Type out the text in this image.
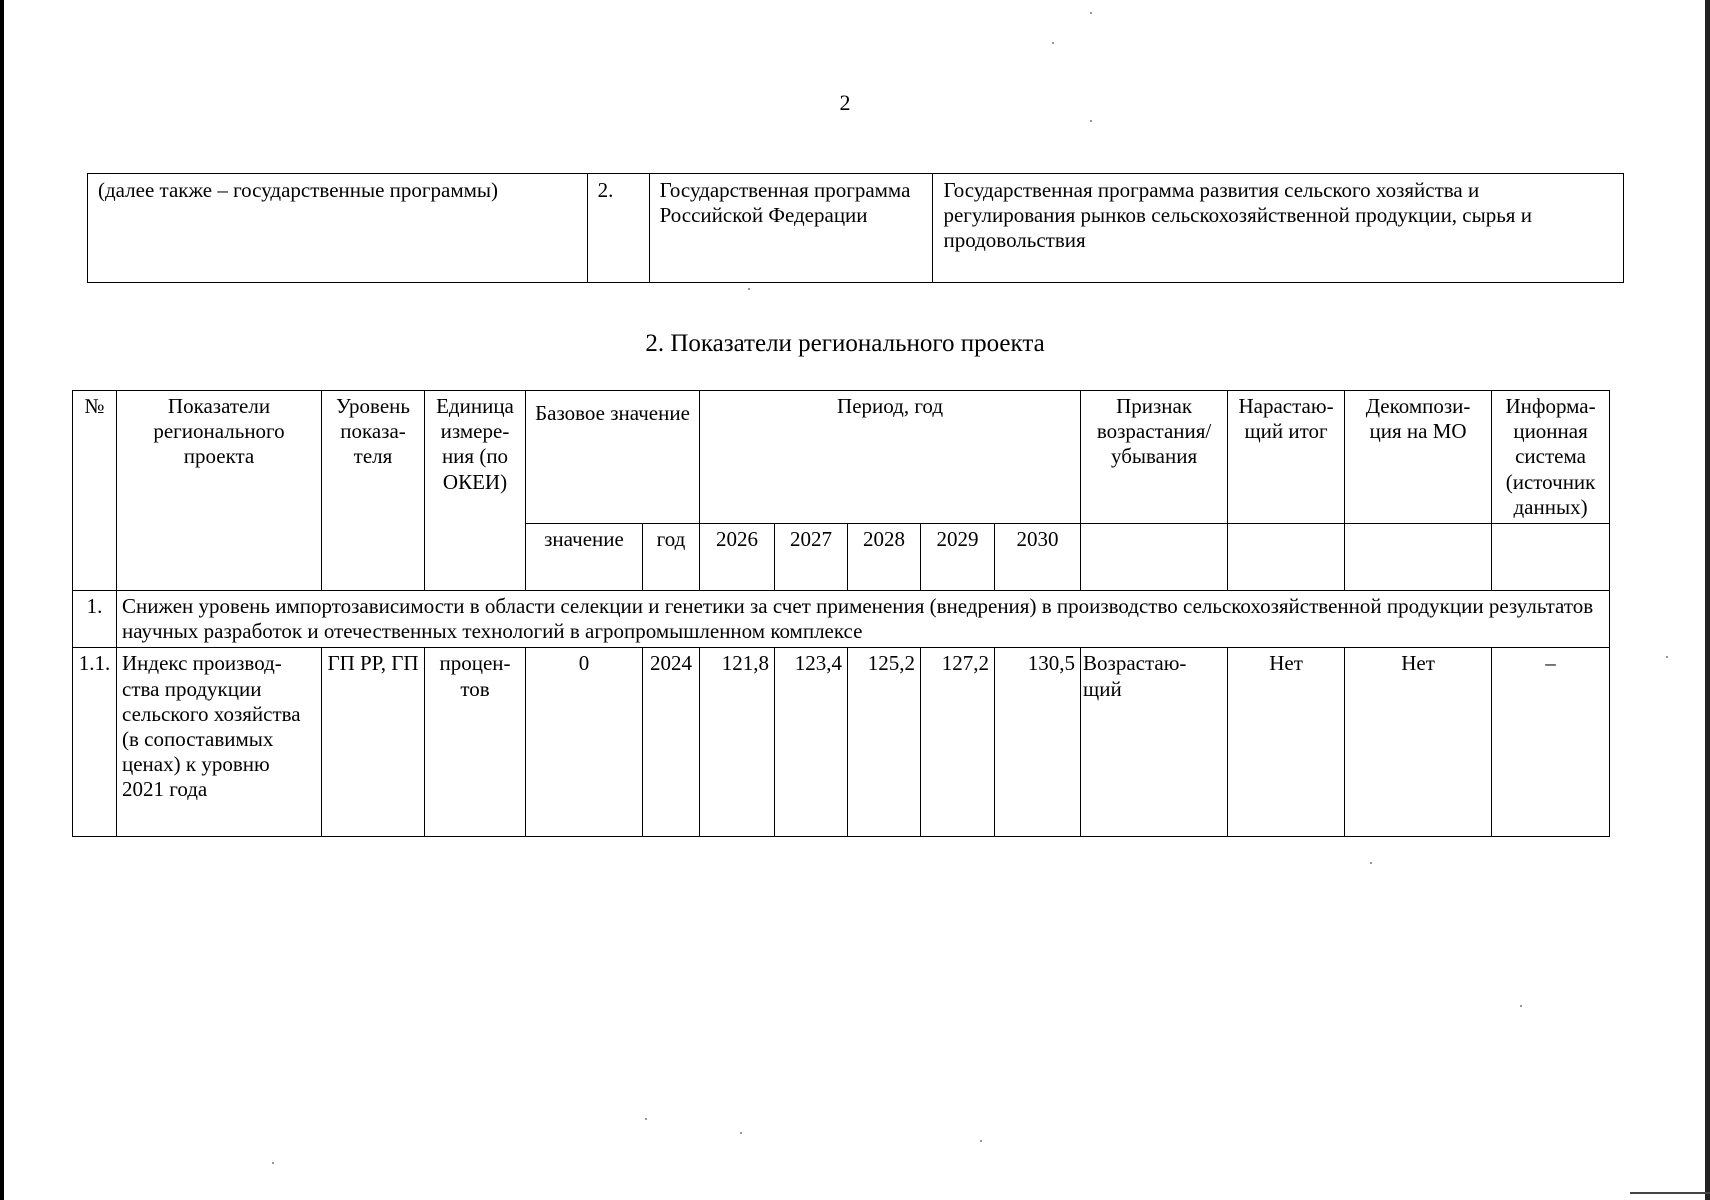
2
(далее также – государственные программы)	2.	Государственная программа Российской Федерации	Государственная программа развития сельского хозяйства и регулирования рынков сельскохозяйственной продукции, сырья и продовольствия
2. Показатели регионального проекта
№	Показатели регионального проекта	Уровень показа-теля	Единица измере-ния (по ОКЕИ)	Базовое значение		Период, год					Признак возрастания/ убывания	Нарастаю-щий итог	Декомпози-ция на МО	Информа-ционная система (источник данных)
				значение	год	2026	2027	2028	2029	2030				
1.	Снижен уровень импортозависимости в области селекции и генетики за счет применения (внедрения) в производство сельскохозяйственной продукции результатов научных разработок и отечественных технологий в агропромышленном комплексе													
1.1.	Индекс производ-ства продукции сельского хозяйства (в сопоставимых ценах) к уровню 2021 года	ГП РР, ГП	процен-тов	0	2024	121,8	123,4	125,2	127,2	130,5	Возрастаю-щий	Нет	Нет	–
